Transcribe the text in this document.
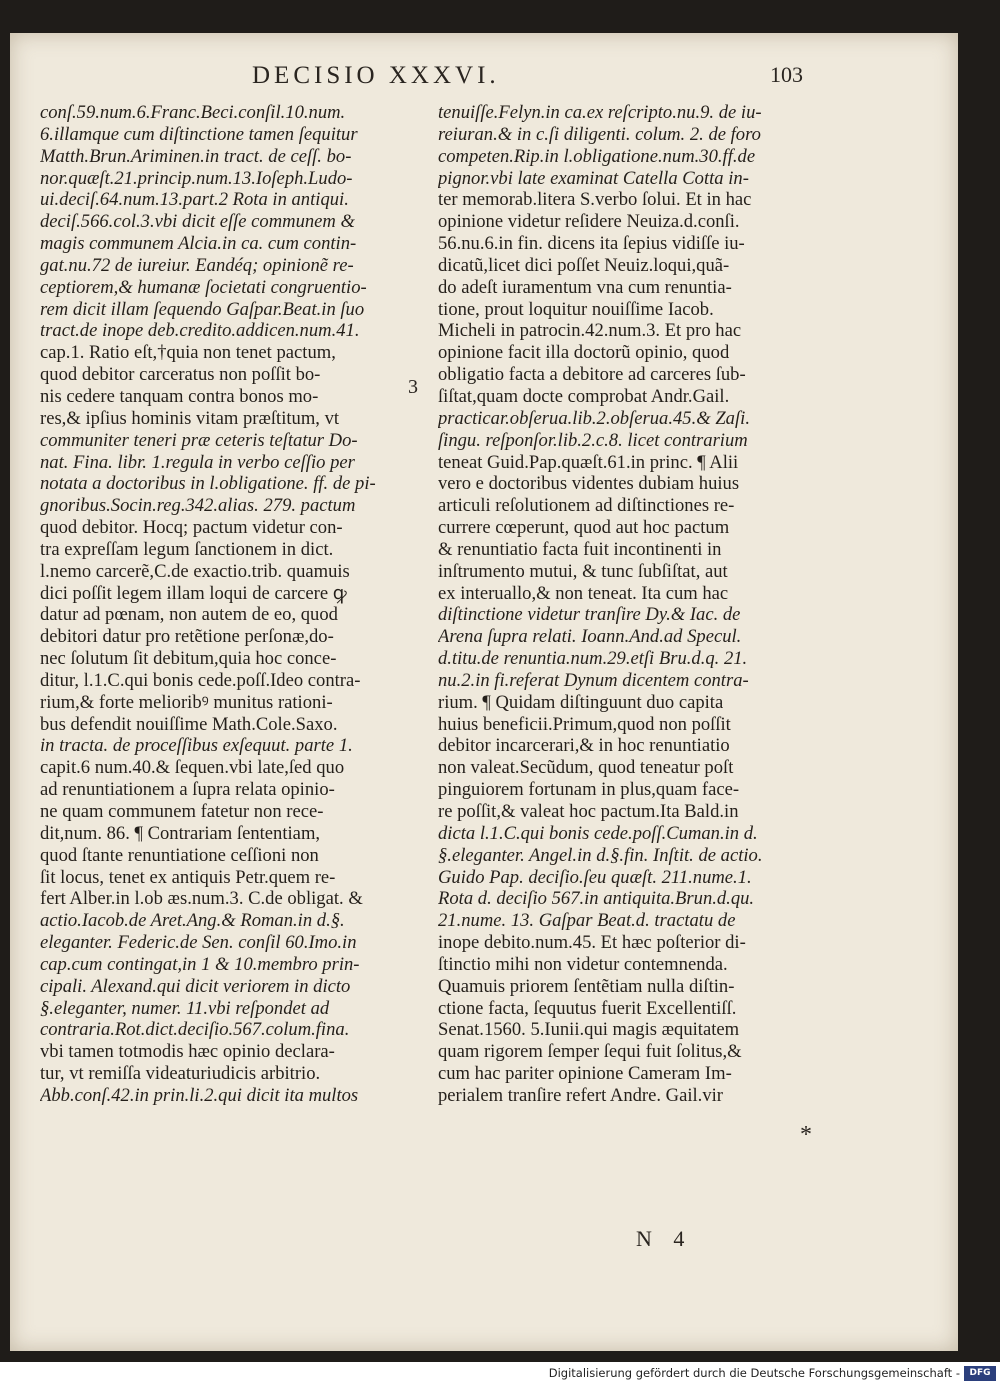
DECISIO XXXVI.	103
conſ.59.num.6.Franc.Beci.conſil.10.num.
6.illamque cum diſtinctione tamen ſequitur
Matth.Brun.Ariminen.in tract. de ceſſ. bo-
nor.quæſt.21.princip.num.13.Ioſeph.Ludo-
ui.deciſ.64.num.13.part.2 Rota in antiqui.
deciſ.566.col.3.vbi dicit eſſe communem &
magis communem Alcia.in ca. cum contin-
gat.nu.72 de iureiur. Eandéq; opinionẽ re-
ceptiorem,& humanæ ſocietati congruentio-
rem dicit illam ſequendo Gaſpar.Beat.in ſuo
tract.de inope deb.credito.addicen.num.41.
cap.1. Ratio eſt,†quia non tenet pactum,
quod debitor carceratus non poſſit bo-
nis cedere tanquam contra bonos mo-
res,& ipſius hominis vitam præſtitum, vt
communiter teneri præ ceteris teſtatur Do-
nat. Fina. libr. 1.regula in verbo ceſſio per
notata a doctoribus in l.obligatione. ff. de pi-
gnoribus.Socin.reg.342.alias. 279. pactum
quod debitor. Hocq; pactum videtur con-
tra expreſſam legum ſanctionem in dict.
l.nemo carcerẽ,C.de exactio.trib. quamuis
dici poſſit legem illam loqui de carcere ꝙ
datur ad pœnam, non autem de eo, quod
debitori datur pro retẽtione perſonæ,do-
nec ſolutum ſit debitum,quia hoc conce-
ditur, l.1.C.qui bonis cede.poſſ.Ideo contra-
rium,& forte melioribꝰ munitus rationi-
bus defendit nouiſſime Math.Cole.Saxo.
in tracta. de proceſſibus exſequut. parte 1.
capit.6 num.40.& ſequen.vbi late,ſed quo
ad renuntiationem a ſupra relata opinio-
ne quam communem fatetur non rece-
dit,num. 86. ¶ Contrariam ſententiam,
quod ſtante renuntiatione ceſſioni non
ſit locus, tenet ex antiquis Petr.quem re-
fert Alber.in l.ob æs.num.3. C.de obligat. &
actio.Iacob.de Aret.Ang.& Roman.in d.§.
eleganter. Federic.de Sen. conſil 60.Imo.in
cap.cum contingat,in 1 & 10.membro prin-
cipali. Alexand.qui dicit veriorem in dicto
§.eleganter, numer. 11.vbi reſpondet ad
contraria.Rot.dict.deciſio.567.colum.fina.
vbi tamen totmodis hæc opinio declara-
tur, vt remiſſa videaturiudicis arbitrio.
Abb.conſ.42.in prin.li.2.qui dicit ita multos
tenuiſſe.Felyn.in ca.ex reſcripto.nu.9. de iu-
reiuran.& in c.ſi diligenti. colum. 2. de foro
competen.Rip.in l.obligatione.num.30.ff.de
pignor.vbi late examinat Catella Cotta in-
ter memorab.litera S.verbo ſolui. Et in hac
opinione videtur reſidere Neuiza.d.conſi.
56.nu.6.in fin. dicens ita ſepius vidiſſe iu-
dicatũ,licet dici poſſet Neuiz.loqui,quã-
do adeſt iuramentum vna cum renuntia-
tione, prout loquitur nouiſſime Iacob.
Micheli in patrocin.42.num.3. Et pro hac
opinione facit illa doctorũ opinio, quod
obligatio facta a debitore ad carceres ſub-
ſiſtat,quam docte comprobat Andr.Gail.
practicar.obſerua.lib.2.obſerua.45.& Zaſi.
ſingu. reſponſor.lib.2.c.8. licet contrarium
teneat Guid.Pap.quæſt.61.in princ. ¶ Alii
vero e doctoribus videntes dubiam huius
articuli reſolutionem ad diſtinctiones re-
currere cœperunt, quod aut hoc pactum
& renuntiatio facta fuit incontinenti in
inſtrumento mutui, & tunc ſubſiſtat, aut
ex interuallo,& non teneat. Ita cum hac
diſtinctione videtur tranſire Dy.& Iac. de
Arena ſupra relati. Ioann.And.ad Specul.
d.titu.de renuntia.num.29.etſi Bru.d.q. 21.
nu.2.in fi.referat Dynum dicentem contra-
rium. ¶ Quidam diſtinguunt duo capita
huius beneficii.Primum,quod non poſſit
debitor incarcerari,& in hoc renuntiatio
non valeat.Secũdum, quod teneatur poſt
pinguiorem fortunam in plus,quam face-
re poſſit,& valeat hoc pactum.Ita Bald.in
dicta l.1.C.qui bonis cede.poſſ.Cuman.in d.
§.eleganter. Angel.in d.§.fin. Inſtit. de actio.
Guido Pap. deciſio.ſeu quæſt. 211.nume.1.
Rota d. deciſio 567.in antiquita.Brun.d.qu.
21.nume. 13. Gaſpar Beat.d. tractatu de
inope debito.num.45. Et hæc poſterior di-
ſtinctio mihi non videtur contemnenda.
Quamuis priorem ſentẽtiam nulla diſtin-
ctione facta, ſequutus fuerit Excellentiſſ.
Senat.1560. 5.Iunii.qui magis æquitatem
quam rigorem ſemper ſequi fuit ſolitus,&
cum hac pariter opinione Cameram Im-
perialem tranſire refert Andre. Gail.vir
3
*
N 4
Digitalisierung gefördert durch die Deutsche Forschungsgemeinschaft -	DFG
